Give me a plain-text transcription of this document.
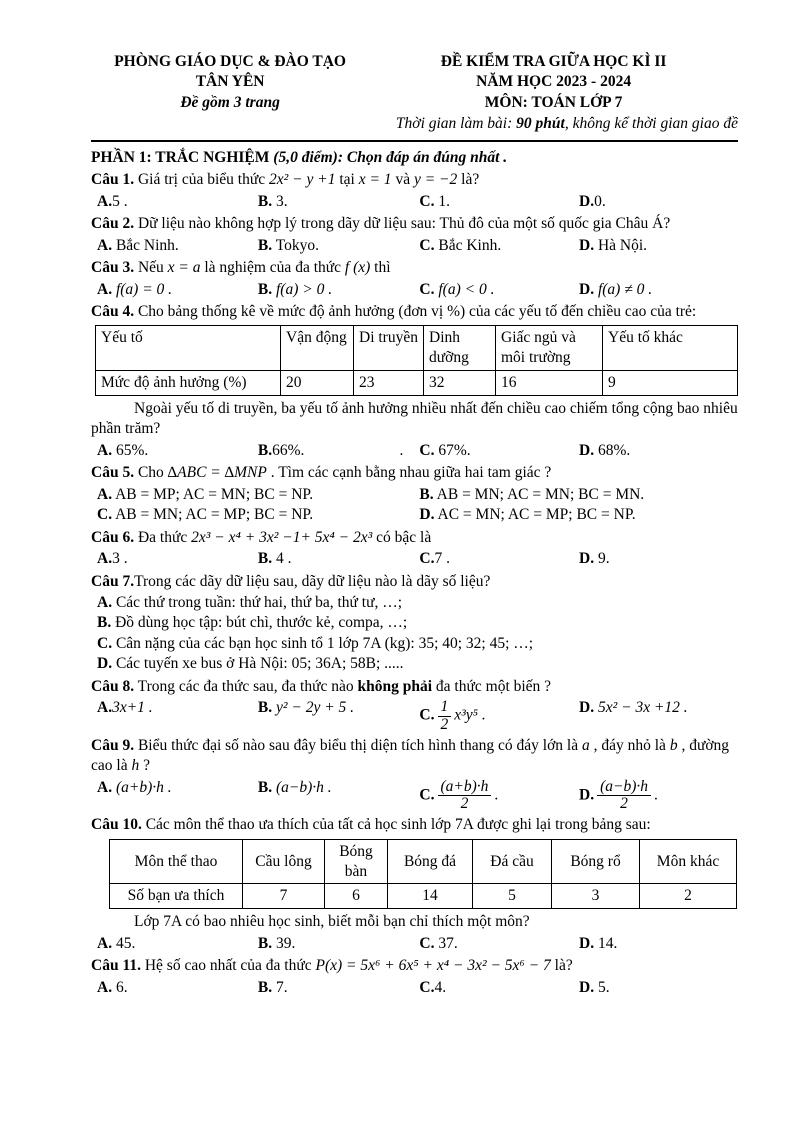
PHÒNG GIÁO DỤC & ĐÀO TẠO
TÂN YÊN
Đề gồm 3 trang
ĐỀ KIỂM TRA GIỮA HỌC KÌ II
NĂM HỌC 2023 - 2024
MÔN: TOÁN LỚP 7
Thời gian làm bài: 90 phút, không kể thời gian giao đề
PHẦN 1: TRẮC NGHIỆM (5,0 điểm): Chọn đáp án đúng nhất .
Câu 1. Giá trị của biểu thức 2x² − y +1 tại x = 1 và y = −2 là?
A.5 .	B. 3.	C. 1.	D.0.
Câu 2. Dữ liệu nào không hợp lý trong dãy dữ liệu sau: Thủ đô của một số quốc gia Châu Á?
A. Bắc Ninh.	B. Tokyo.	C. Bắc Kinh.	D. Hà Nội.
Câu 3. Nếu x = a là nghiệm của đa thức f (x) thì
A. f(a) = 0 .	B. f(a) > 0 .	C. f(a) < 0 .	D. f(a) ≠ 0 .
Câu 4. Cho bảng thống kê về mức độ ảnh hưởng (đơn vị %) của các yếu tố đến chiều cao của trẻ:
Yếu tố	Vận động	Di truyền	Dinh dưỡng	Giấc ngủ và môi trường	Yếu tố khác
Mức độ ảnh hưởng (%)	20	23	32	16	9
Ngoài yếu tố di truyền, ba yếu tố ảnh hưởng nhiều nhất đến chiều cao chiếm tổng cộng bao nhiêu phần trăm?
A. 65%.	B.66%.	. C. 67%.	D. 68%.
Câu 5. Cho ∆ABC = ∆MNP . Tìm các cạnh bằng nhau giữa hai tam giác ?
A. AB = MP; AC = MN; BC = NP.	B. AB = MN; AC = MN; BC = MN.
C. AB = MN; AC = MP; BC = NP.	D. AC = MN; AC = MP; BC = NP.
Câu 6. Đa thức 2x³ − x⁴ + 3x² −1+ 5x⁴ − 2x³ có bậc là
A.3 .	B. 4 .	C.7 .	D. 9.
Câu 7.Trong các dãy dữ liệu sau, dãy dữ liệu nào là dãy số liệu?
A. Các thứ trong tuần: thứ hai, thứ ba, thứ tư, …;
B. Đồ dùng học tập: bút chì, thước kẻ, compa, …;
C. Cân nặng của các bạn học sinh tổ 1 lớp 7A (kg): 35; 40; 32; 45; …;
D. Các tuyến xe bus ở Hà Nội: 05; 36A; 58B; .....
Câu 8. Trong các đa thức sau, đa thức nào không phải đa thức một biến ?
A.3x+1 .	B. y² − 2y + 5 .	C. $\frac{1}{2} x^3y^5$ .	D. 5x² − 3x +12 .
Câu 9. Biểu thức đại số nào sau đây biểu thị diện tích hình thang có đáy lớn là a , đáy nhỏ là b , đường cao là h ?
A. (a+b)·h .	B. (a−b)·h .	C. $\frac{(a+b)\cdot h}{2}$ .	D. $\frac{(a-b)\cdot h}{2}$ .
Câu 10. Các môn thể thao ưa thích của tất cả học sinh lớp 7A được ghi lại trong bảng sau:
Môn thể thao	Cầu lông	Bóng bàn	Bóng đá	Đá cầu	Bóng rổ	Môn khác
Số bạn ưa thích	7	6	14	5	3	2
Lớp 7A có bao nhiêu học sinh, biết mỗi bạn chỉ thích một môn?
A. 45.	B. 39.	C. 37.	D. 14.
Câu 11. Hệ số cao nhất của đa thức P(x) = 5x⁶ + 6x⁵ + x⁴ − 3x² − 5x⁶ − 7 là?
A. 6.	B. 7.	C.4.	D. 5.
